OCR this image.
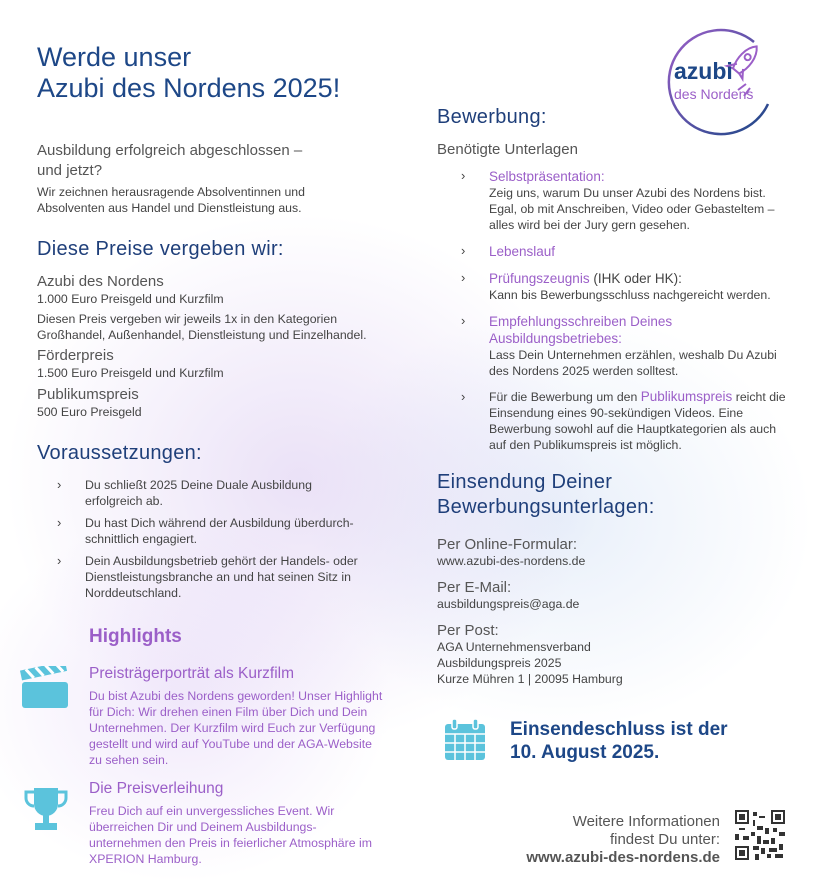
Werde unser
Azubi des Nordens 2025!
azubi
des Nordens
Ausbildung erfolgreich abgeschlossen –
und jetzt?
Wir zeichnen herausragende Absolventinnen und Absolventen aus Handel und Dienstleistung aus.
Diese Preise vergeben wir:
Azubi des Nordens
1.000 Euro Preisgeld und Kurzfilm
Diesen Preis vergeben wir jeweils 1x in den Kategorien Großhandel, Außenhandel, Dienstleistung und Einzelhandel.
Förderpreis
1.500 Euro Preisgeld und Kurzfilm
Publikumspreis
500 Euro Preisgeld
Voraussetzungen:
› Du schließt 2025 Deine Duale Ausbildung erfolgreich ab.
› Du hast Dich während der Ausbildung überdurch-schnittlich engagiert.
› Dein Ausbildungsbetrieb gehört der Handels- oder Dienstleistungsbranche an und hat seinen Sitz in Norddeutschland.
Highlights
Preisträgerporträt als Kurzfilm
Du bist Azubi des Nordens geworden! Unser Highlight für Dich: Wir drehen einen Film über Dich und Dein Unternehmen. Der Kurzfilm wird Euch zur Verfügung gestellt und wird auf YouTube und der AGA-Website zu sehen sein.
Die Preisverleihung
Freu Dich auf ein unvergessliches Event. Wir überreichen Dir und Deinem Ausbildungs-unternehmen den Preis in feierlicher Atmosphäre im XPERION Hamburg.
Bewerbung:
Benötigte Unterlagen
› Selbstpräsentation:
Zeig uns, warum Du unser Azubi des Nordens bist. Egal, ob mit Anschreiben, Video oder Gebasteltem – alles wird bei der Jury gern gesehen.
› Lebenslauf
› Prüfungszeugnis (IHK oder HK):
Kann bis Bewerbungsschluss nachgereicht werden.
› Empfehlungsschreiben Deines Ausbildungsbetriebes:
Lass Dein Unternehmen erzählen, weshalb Du Azubi des Nordens 2025 werden solltest.
› Für die Bewerbung um den Publikumspreis reicht die Einsendung eines 90-sekündigen Videos. Eine Bewerbung sowohl auf die Hauptkategorien als auch auf den Publikumspreis ist möglich.
Einsendung Deiner
Bewerbungsunterlagen:
Per Online-Formular:
www.azubi-des-nordens.de
Per E-Mail:
ausbildungspreis@aga.de
Per Post:
AGA Unternehmensverband
Ausbildungspreis 2025
Kurze Mühren 1 | 20095 Hamburg
Einsendeschluss ist der
10. August 2025.
Weitere Informationen
findest Du unter:
www.azubi-des-nordens.de
